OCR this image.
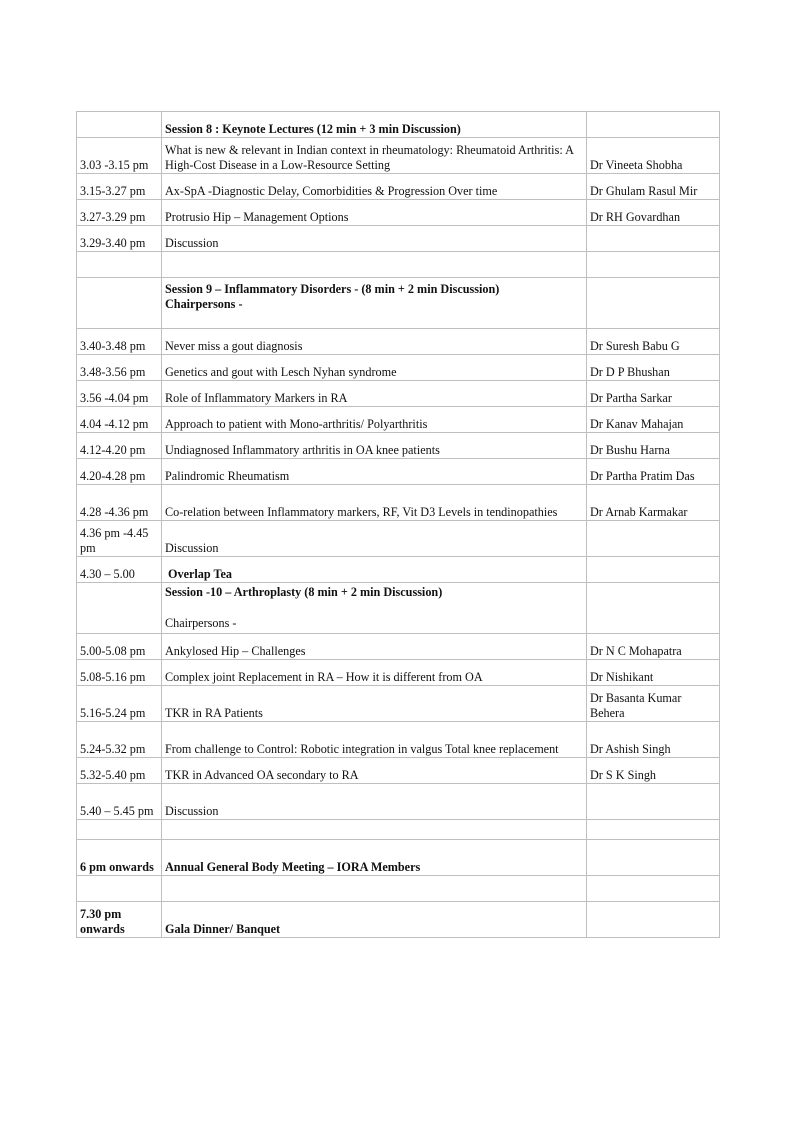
	Session 8 : Keynote Lectures (12 min + 3 min Discussion)	
3.03 -3.15 pm	What is new & relevant in Indian context in rheumatology: Rheumatoid Arthritis: A High-Cost Disease in a Low-Resource Setting	Dr Vineeta Shobha
3.15-3.27 pm	Ax-SpA -Diagnostic Delay, Comorbidities & Progression Over time	Dr Ghulam Rasul Mir
3.27-3.29 pm	Protrusio Hip – Management Options	Dr RH Govardhan
3.29-3.40 pm	Discussion	

	Session 9 – Inflammatory Disorders - (8 min + 2 min Discussion)
Chairpersons -	

3.40-3.48 pm	Never miss a gout diagnosis	Dr Suresh Babu G
3.48-3.56 pm	Genetics and gout with Lesch Nyhan syndrome	Dr D P Bhushan
3.56 -4.04 pm	Role of Inflammatory Markers in RA	Dr Partha Sarkar
4.04 -4.12 pm	Approach to patient with Mono-arthritis/ Polyarthritis	Dr Kanav Mahajan
4.12-4.20 pm	Undiagnosed Inflammatory arthritis in OA knee patients	Dr Bushu Harna
4.20-4.28 pm	Palindromic Rheumatism	Dr Partha Pratim Das
4.28 -4.36 pm	Co-relation between Inflammatory markers, RF, Vit D3 Levels in tendinopathies	Dr Arnab Karmakar
4.36 pm -4.45 pm	Discussion	
4.30 – 5.00	Overlap Tea	

	Session -10 – Arthroplasty (8 min + 2 min Discussion)
Chairpersons -	

5.00-5.08 pm	Ankylosed Hip – Challenges	Dr N C Mohapatra
5.08-5.16 pm	Complex joint Replacement in RA – How it is different from OA	Dr Nishikant
5.16-5.24 pm	TKR in RA Patients	Dr Basanta Kumar Behera
5.24-5.32 pm	From challenge to Control: Robotic integration in valgus Total knee replacement	Dr Ashish Singh
5.32-5.40 pm	TKR in Advanced OA secondary to RA	Dr S K Singh
5.40 – 5.45 pm	Discussion	

6 pm onwards	Annual General Body Meeting – IORA Members	

7.30 pm onwards	Gala Dinner/ Banquet	
